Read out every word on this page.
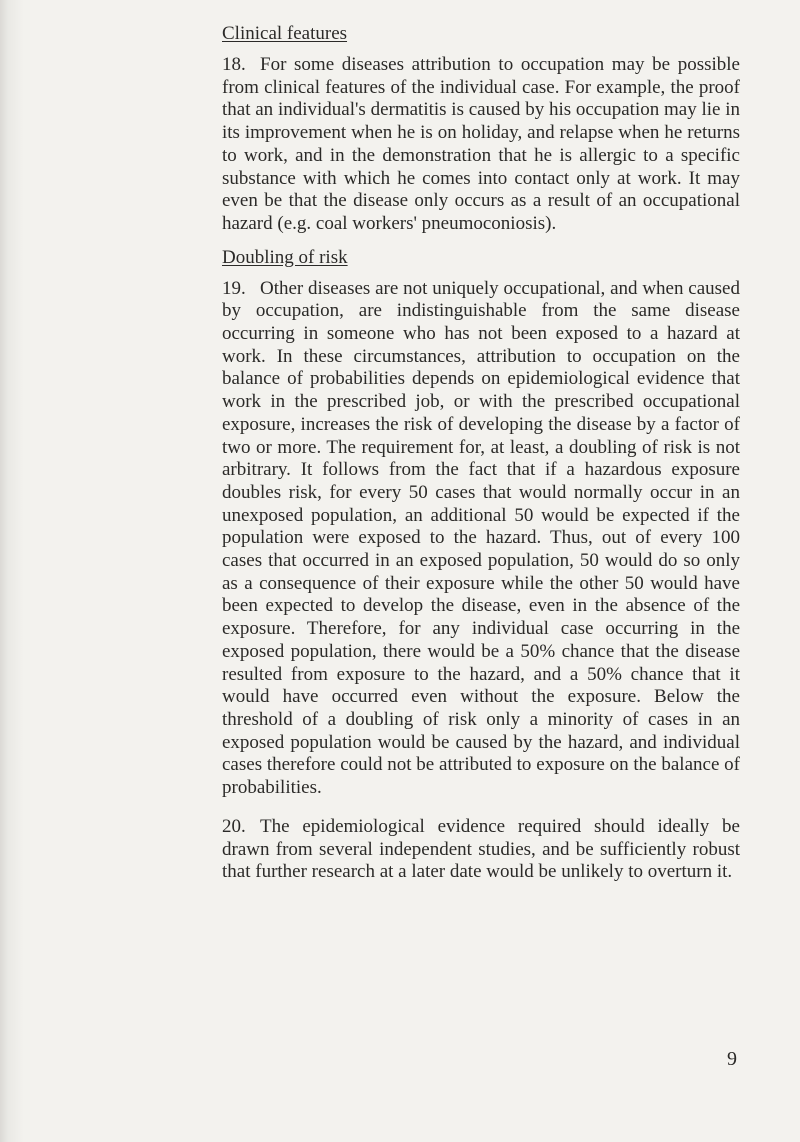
Clinical features

18. For some diseases attribution to occupation may be possible from clinical features of the individual case. For example, the proof that an individual's dermatitis is caused by his occupation may lie in its improvement when he is on holiday, and relapse when he returns to work, and in the demonstration that he is allergic to a specific substance with which he comes into contact only at work. It may even be that the disease only occurs as a result of an occupational hazard (e.g. coal workers' pneumoconiosis).

Doubling of risk

19. Other diseases are not uniquely occupational, and when caused by occupation, are indistinguishable from the same disease occurring in someone who has not been exposed to a hazard at work. In these circumstances, attribution to occupation on the balance of probabilities depends on epidemiological evidence that work in the prescribed job, or with the prescribed occupational exposure, increases the risk of developing the disease by a factor of two or more. The requirement for, at least, a doubling of risk is not arbitrary. It follows from the fact that if a hazardous exposure doubles risk, for every 50 cases that would normally occur in an unexposed population, an additional 50 would be expected if the population were exposed to the hazard. Thus, out of every 100 cases that occurred in an exposed population, 50 would do so only as a consequence of their exposure while the other 50 would have been expected to develop the disease, even in the absence of the exposure. Therefore, for any individual case occurring in the exposed population, there would be a 50% chance that the disease resulted from exposure to the hazard, and a 50% chance that it would have occurred even without the exposure. Below the threshold of a doubling of risk only a minority of cases in an exposed population would be caused by the hazard, and individual cases therefore could not be attributed to exposure on the balance of probabilities.

20. The epidemiological evidence required should ideally be drawn from several independent studies, and be sufficiently robust that further research at a later date would be unlikely to overturn it.

9
